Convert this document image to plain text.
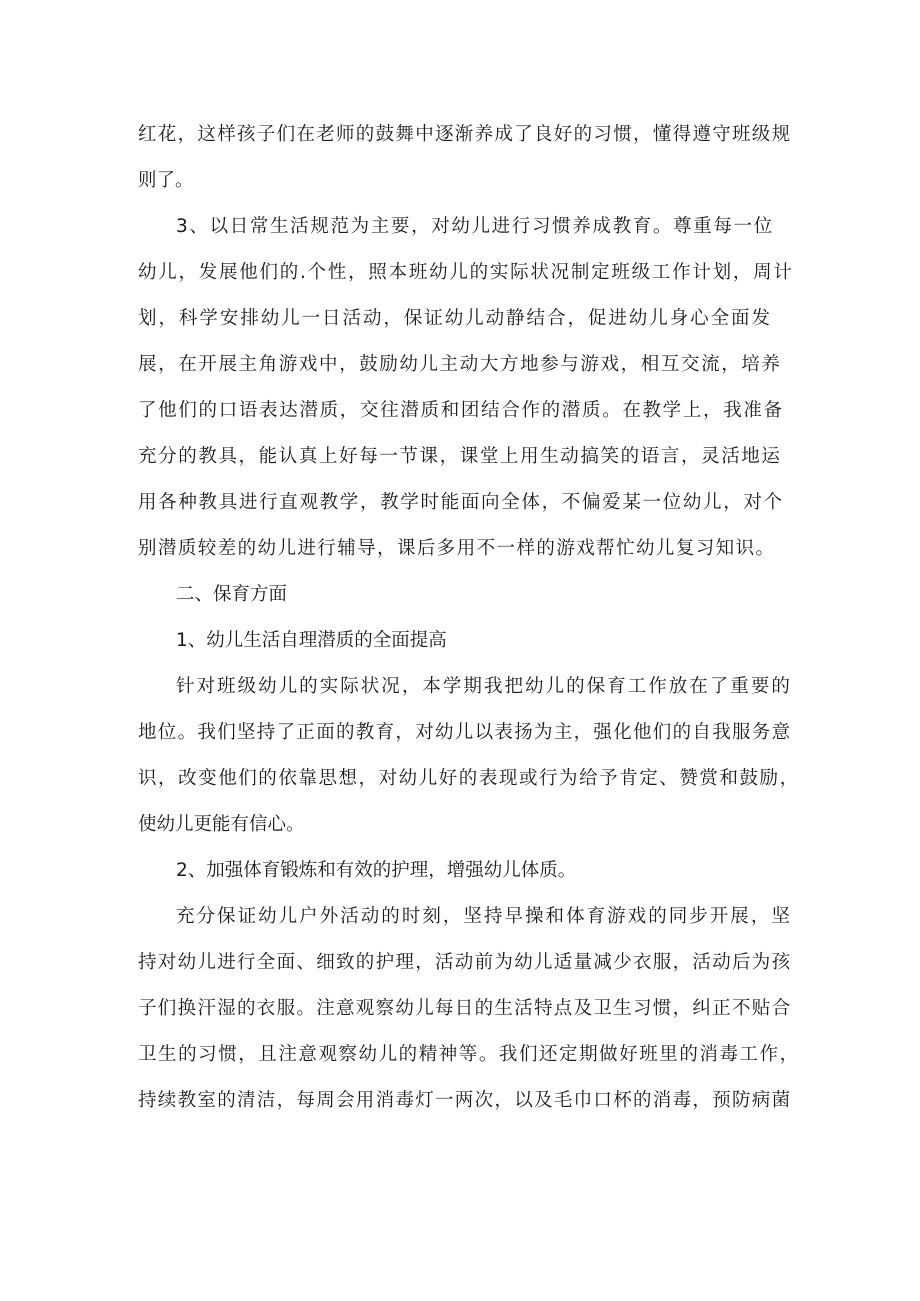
红花，这样孩子们在老师的鼓舞中逐渐养成了良好的习惯，懂得遵守班级规
则了。
3、以日常生活规范为主要，对幼儿进行习惯养成教育。尊重每一位
幼儿，发展他们的.个性，照本班幼儿的实际状况制定班级工作计划，周计
划，科学安排幼儿一日活动，保证幼儿动静结合，促进幼儿身心全面发
展，在开展主角游戏中，鼓励幼儿主动大方地参与游戏，相互交流，培养
了他们的口语表达潜质，交往潜质和团结合作的潜质。在教学上，我准备
充分的教具，能认真上好每一节课，课堂上用生动搞笑的语言，灵活地运
用各种教具进行直观教学，教学时能面向全体，不偏爱某一位幼儿，对个
别潜质较差的幼儿进行辅导，课后多用不一样的游戏帮忙幼儿复习知识。
二、保育方面
1、幼儿生活自理潜质的全面提高
针对班级幼儿的实际状况，本学期我把幼儿的保育工作放在了重要的
地位。我们坚持了正面的教育，对幼儿以表扬为主，强化他们的自我服务意
识，改变他们的依靠思想，对幼儿好的表现或行为给予肯定、赞赏和鼓励，
使幼儿更能有信心。
2、加强体育锻炼和有效的护理，增强幼儿体质。
充分保证幼儿户外活动的时刻，坚持早操和体育游戏的同步开展，坚
持对幼儿进行全面、细致的护理，活动前为幼儿适量减少衣服，活动后为孩
子们换汗湿的衣服。注意观察幼儿每日的生活特点及卫生习惯，纠正不贴合
卫生的习惯，且注意观察幼儿的精神等。我们还定期做好班里的消毒工作，
持续教室的清洁，每周会用消毒灯一两次，以及毛巾口杯的消毒，预防病菌
